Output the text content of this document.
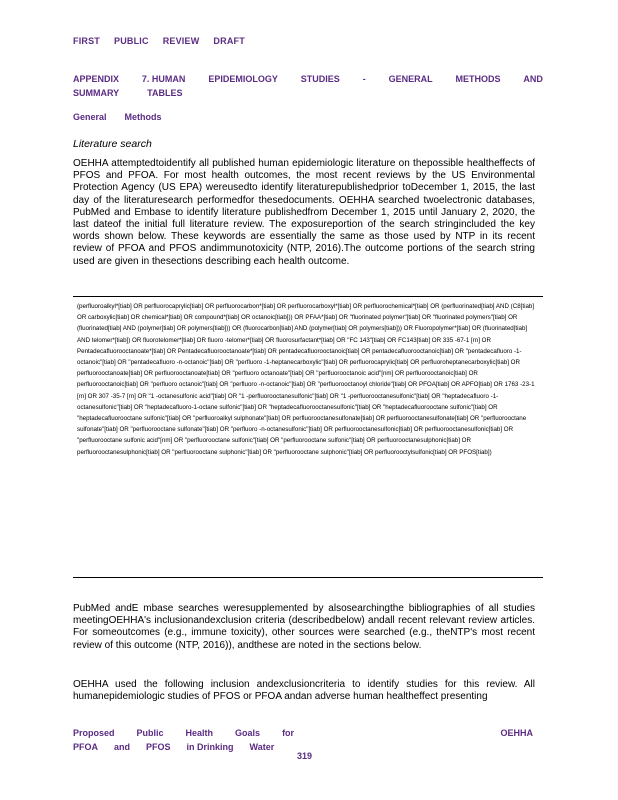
FIRST PUBLIC REVIEW DRAFT
APPENDIX	7. HUMAN	EPIDEMIOLOGY	STUDIES	-	GENERAL	METHODS	AND
SUMMARY	TABLES
General Methods
Literature search

OEHHA attemptedtoidentify all published human epidemiologic literature on thepossible healtheffects of PFOS and PFOA. For most health outcomes, the most recent reviews by the US Environmental Protection Agency (US EPA) wereusedto identify literaturepublishedprior toDecember 1, 2015, the last day of the literaturesearch performedfor thesedocuments. OEHHA searched twoelectronic databases, PubMed and Embase to identify literature publishedfrom December 1, 2015 until January 2, 2020, the last dateof the initial full literature review. The exposureportion of the search stringincluded the key words shown below. These keywords are essentially the same as those used by NTP in its recent review of PFOA and PFOS andimmunotoxicity (NTP, 2016).The outcome portions of the search string used are given in thesections describing each health outcome.

(perfluoroalkyl*[tiab] OR perfluorocaprylic[tiab] OR perfluorocarbon*[tiab] OR perfluorocarboxyl*[tiab] OR perfluorochemical*[tiab] OR (perfluorinated[tiab] AND (C8[tiab] OR carboxylic[tiab] OR chemical*[tiab] OR compound*[tiab] OR octanoic[tiab])) OR PFAA*[tiab] OR "fluorinated polymer"[tiab] OR "fluorinated polymers"[tiab] OR (fluorinated[tiab] AND (polymer[tiab] OR polymers[tiab])) OR (fluorocarbon[tiab] AND (polymer[tiab] OR polymers[tiab])) OR Fluoropolymer*[tiab] OR (fluorinated[tiab] AND telomer*[tiab]) OR fluorotelomer*[tiab] OR fluoro -telomer*[tiab] OR fluorosurfactant*[tiab] OR "FC 143"[tiab] OR FC143[tiab] OR 335 -67-1 [rn] OR Pentadecafluorooctanoate*[tiab] OR Pentadecafluorooctanoate*[tiab] OR pentadecafluorooctanoic[tiab] OR pentadecafluorooctanoic[tiab] OR "pentadecafluoro -1-octanoic"[tiab] OR "pentadecafluoro -n-octanoic"[tiab] OR "perfluoro -1-heptanecarboxylic"[tiab] OR perfluorocaprylic[tiab] OR perfluoroheptanecarboxylic[tiab] OR perfluorooctanoate[tiab] OR perfluorooctanoate[tiab] OR "perfluoro octanoate"[tiab] OR "perfluorooctanoic acid"[nm] OR perfluorooctanoic[tiab] OR perfluorooctanoic[tiab] OR "perfluoro octanoic"[tiab] OR "perfluoro -n-octanoic"[tiab] OR "perfluorooctanoyl chloride"[tiab] OR PFOA[tiab] OR APFO[tiab] OR 1763 -23-1 [rn] OR 307 -35-7 [rn] OR "1 -octanesulfonic acid"[tiab] OR "1 -perfluorooctanesulfonic"[tiab] OR "1 -perfluorooctanesulfonic"[tiab] OR "heptadecafluoro -1-octanesulfonic"[tiab] OR "heptadecafluoro-1-octane sulfonic"[tiab] OR "heptadecafluorooctanesulfonic"[tiab] OR "heptadecafluorooctane sulfonic"[tiab] OR "heptadecafluorooctane sulfonic"[tiab] OR "perfluoroalkyl sulphonate"[tiab] OR perfluorooctanesulfonate[tiab] OR perfluorooctanesulfonate[tiab] OR "perfluorooctane sulfonate"[tiab] OR "perfluorooctane sulfonate"[tiab] OR "perfluoro -n-octanesulfonic"[tiab] OR perfluorooctanesulfonic[tiab] OR perfluorooctanesulfonic[tiab] OR "perfluorooctane sulfonic acid"[nm] OR "perfluorooctane sulfonic"[tiab] OR "perfluorooctane sulfonic"[tiab] OR perfluorooctanesulphonic[tiab] OR perfluorooctanesulphonic[tiab] OR "perfluorooctane sulphonic"[tiab] OR "perfluorooctane sulphonic"[tiab] OR perfluorooctylsulfonic[tiab] OR PFOS[tiab])

PubMed andE mbase searches weresupplemented by alsosearchingthe bibliographies of all studies meetingOEHHA's inclusionandexclusion criteria (describedbelow) andall recent relevant review articles. For someoutcomes (e.g., immune toxicity), other sources were searched (e.g., theNTP's most recent review of this outcome (NTP, 2016)), andthese are noted in the sections below.

OEHHA used the following inclusion andexclusioncriteria to identify studies for this review. All humanepidemiologic studies of PFOS or PFOA andan adverse human healtheffect presenting

Proposed Public Health Goals for
PFOA and PFOS in Drinking Water
OEHHA
319
